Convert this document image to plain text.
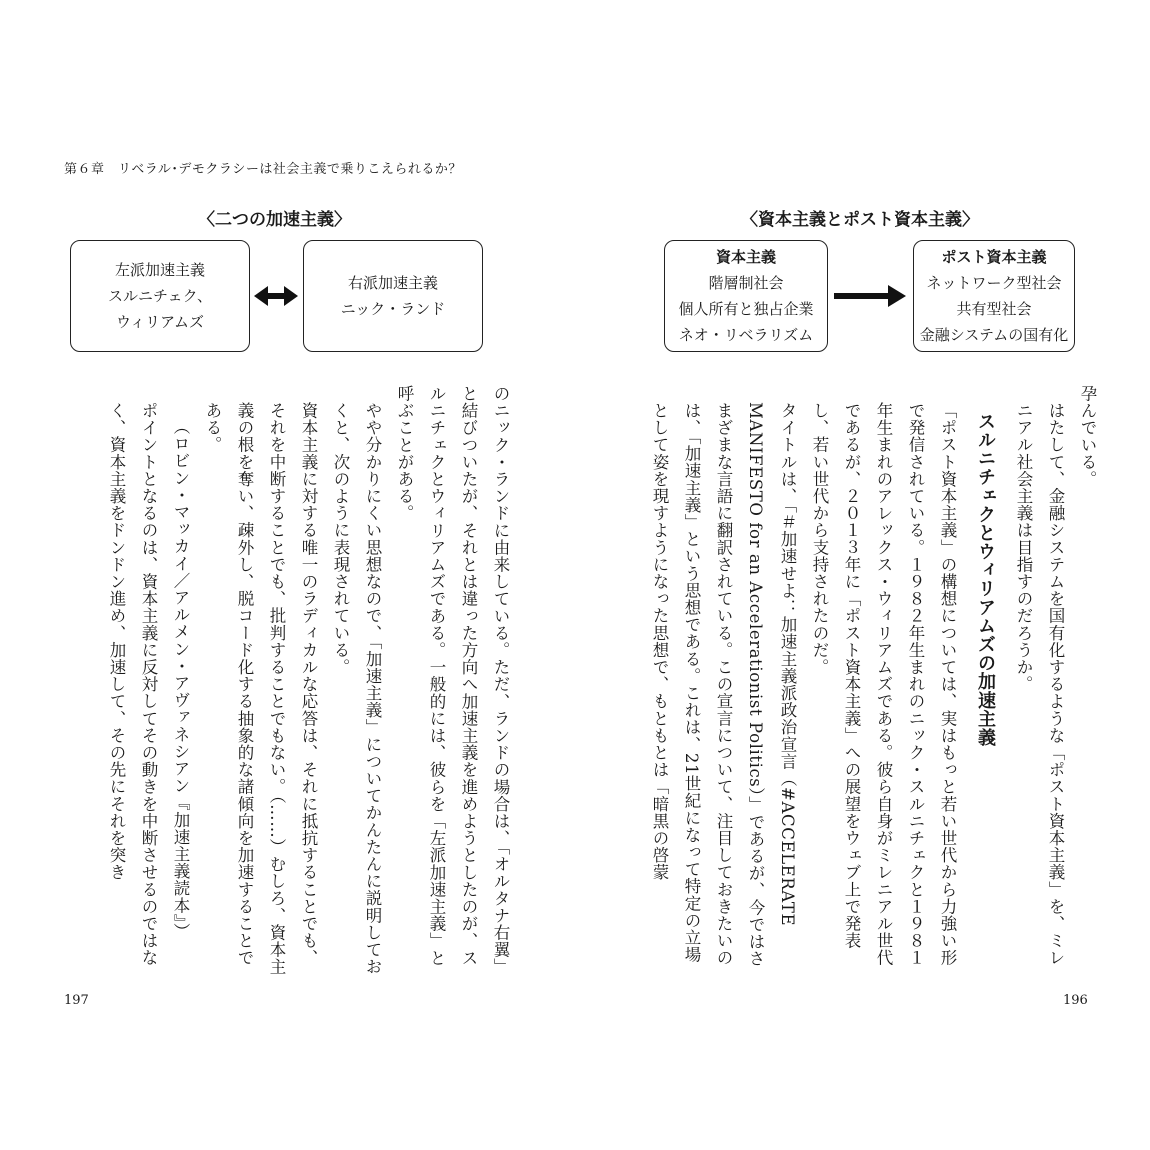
第６章　リベラル･デモクラシーは社会主義で乗りこえられるか？
〈二つの加速主義〉
左派加速主義
スルニチェク、
ウィリアムズ
右派加速主義
ニック・ランド

のニック・ランドに由来している。ただ、ランドの場合は、「オルタナ右翼」と結びついたが、それとは違った方向へ加速主義を進めようとしたのが、スルニチェクとウィリアムズである。一般的には、彼らを「左派加速主義」と呼ぶことがある。

やや分かりにくい思想なので、「加速主義」についてかんたんに説明しておくと、次のように表現されている。

資本主義に対する唯一のラディカルな応答は、それに抵抗することでも、それを中断することでも、批判することでもない。（……）むしろ、資本主義の根を奪い、疎外し、脱コード化する抽象的な諸傾向を加速することである。

（ロビン・マッカイ／アルメン・アヴァネシアン『加速主義読本』）

ポイントとなるのは、資本主義に反対してその動きを中断させるのではなく、資本主義をドンドン進め、加速して、その先にそれを突き

197
〈資本主義とポスト資本主義〉
資本主義
階層制社会
個人所有と独占企業
ネオ・リベラリズム
ポスト資本主義
ネットワーク型社会
共有型社会
金融システムの国有化

孕んでいる。

はたして、金融システムを国有化するような「ポスト資本主義」を、ミレニアル社会主義は目指すのだろうか。

スルニチェクとウィリアムズの加速主義

「ポスト資本主義」の構想については、実はもっと若い世代から力強い形で発信されている。１９８２年生まれのニック・スルニチェクと１９８１年生まれのアレックス・ウィリアムズである。彼ら自身がミレニアル世代であるが、２０１３年に「ポスト資本主義」への展望をウェブ上で発表し、若い世代から支持されたのだ。

タイトルは、「＃加速せよ：加速主義派政治宣言（#ACCELERATE MANIFESTO for an Accelerationist Politics）」であるが、今ではさまざまな言語に翻訳されている。この宣言について、注目しておきたいのは、「加速主義」という思想である。これは、21世紀になって特定の立場として姿を現すようになった思想で、もともとは「暗黒の啓蒙

196
